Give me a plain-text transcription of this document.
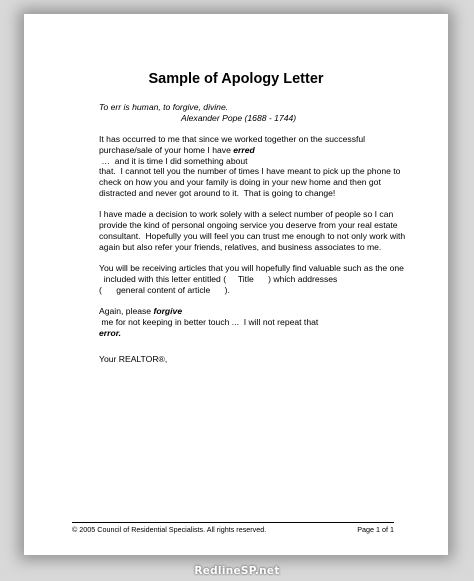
Sample of Apology Letter
To err is human, to forgive, divine.

Alexander Pope (1688 - 1744)

It has occurred to me that since we worked together on the successful
purchase/sale of your home I have erred …  and it is time I did something about
that.  I cannot tell you the number of times I have meant to pick up the phone to
check on how you and your family is doing in your new home and then got
distracted and never got around to it.  That is going to change!

I have made a decision to work solely with a select number of people so I can
provide the kind of personal ongoing service you deserve from your real estate
consultant.  Hopefully you will feel you can trust me enough to not only work with
again but also refer your friends, relatives, and business associates to me.

You will be receiving articles that you will hopefully find valuable such as the one
included with this letter entitled (     Title      ) which addresses
(      general content of article      ).

Again, please forgive me for not keeping in better touch ...  I will not repeat that
error.

Your REALTOR®,

© 2005 Council of Residential Specialists. All rights reserved.	Page 1 of 1
RedlineSP.net
